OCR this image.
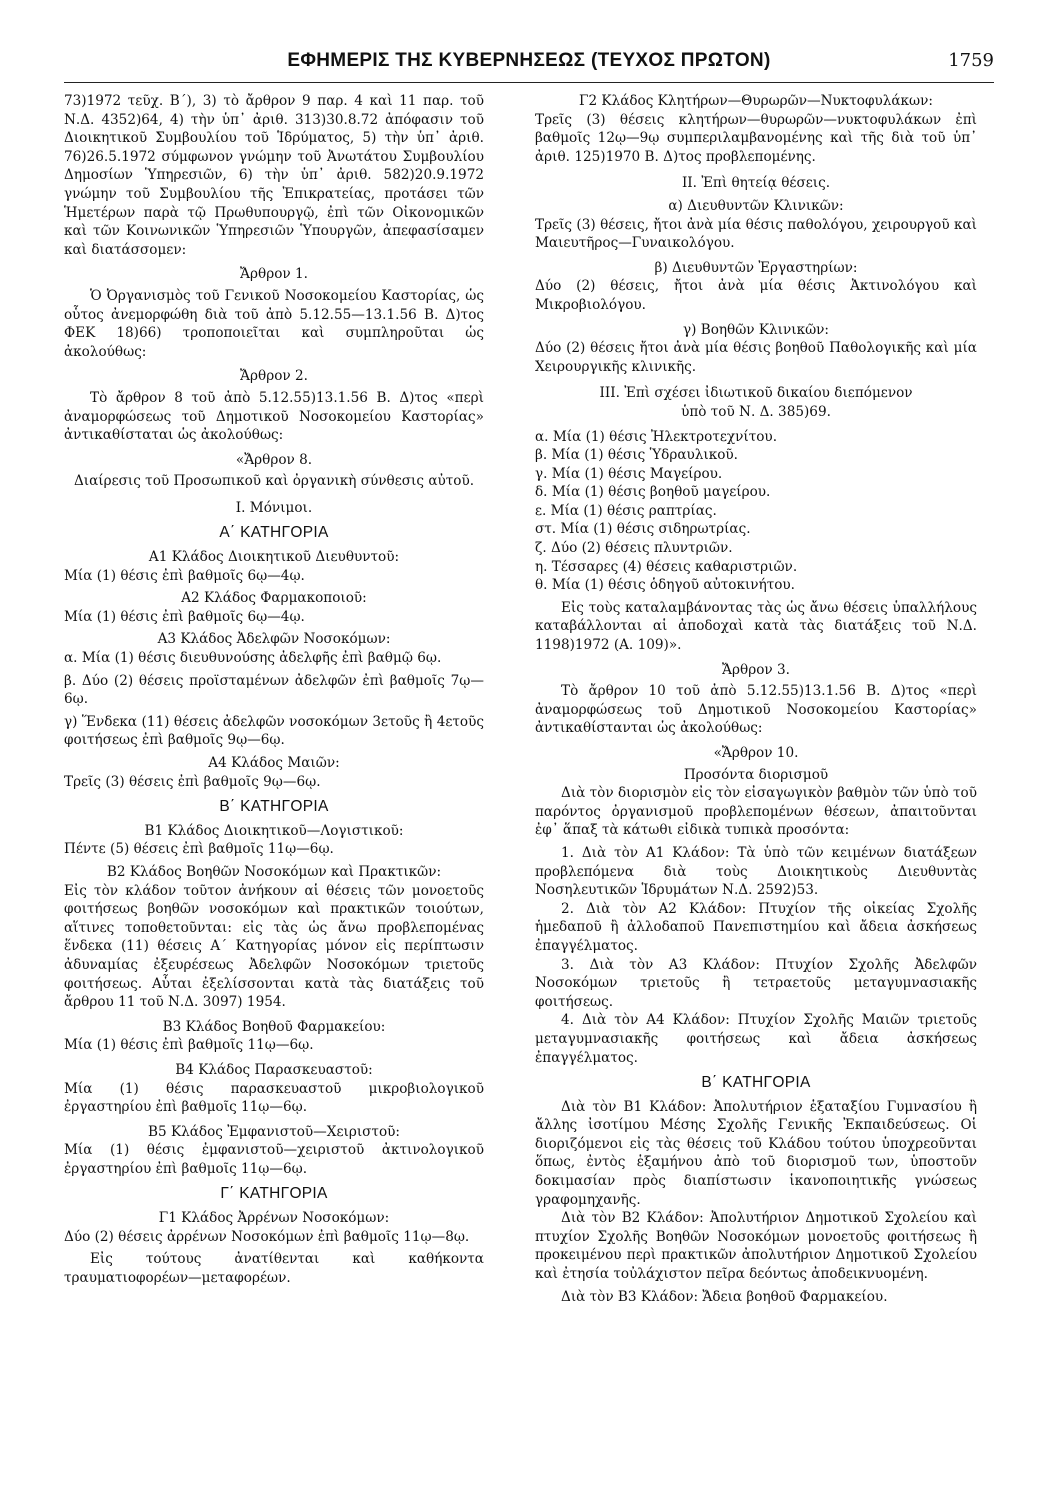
ΕΦΗΜΕΡΙΣ ΤΗΣ ΚΥΒΕΡΝΗΣΕΩΣ (ΤΕΥΧΟΣ ΠΡΩΤΟΝ)	1759

73)1972 τεῦχ. Β΄), 3) τὸ ἄρθρον 9 παρ. 4 καὶ 11 παρ. τοῦ Ν.Δ. 4352)64, 4) τὴν ὑπ᾽ ἀριθ. 313)30.8.72 ἀπόφασιν τοῦ Διοικητικοῦ Συμβουλίου τοῦ Ἱδρύματος, 5) τὴν ὑπ᾽ ἀριθ. 76)26.5.1972 σύμφωνον γνώμην τοῦ Ἀνωτάτου Συμβουλίου Δημοσίων Ὑπηρεσιῶν, 6) τὴν ὑπ᾽ ἀριθ. 582)20.9.1972 γνώμην τοῦ Συμβουλίου τῆς Ἐπικρατείας, προτάσει τῶν Ἡμετέρων παρὰ τῷ Πρωθυπουργῷ, ἐπὶ τῶν Οἰκονομικῶν καὶ τῶν Κοινωνικῶν Ὑπηρεσιῶν Ὑπουργῶν, ἀπεφασίσαμεν καὶ διατάσσομεν:

Ἄρθρον 1.

Ὁ Ὀργανισμὸς τοῦ Γενικοῦ Νοσοκομείου Καστορίας, ὡς οὗτος ἀνεμορφώθη διὰ τοῦ ἀπὸ 5.12.55—13.1.56 Β. Δ)τος ΦΕΚ 18)66) τροποποιεῖται καὶ συμπληροῦται ὡς ἀκολούθως:

Ἄρθρον 2.

Τὸ ἄρθρον 8 τοῦ ἀπὸ 5.12.55)13.1.56 Β. Δ)τος «περὶ ἀναμορφώσεως τοῦ Δημοτικοῦ Νοσοκομείου Καστορίας» ἀντικαθίσταται ὡς ἀκολούθως:

«Ἄρθρον 8.

Διαίρεσις τοῦ Προσωπικοῦ καὶ ὀργανικὴ σύνθεσις αὐτοῦ.

Ι. Μόνιμοι.

Α΄ ΚΑΤΗΓΟΡΙΑ

Α1 Κλάδος Διοικητικοῦ Διευθυντοῦ:

Μία (1) θέσις ἐπὶ βαθμοῖς 6ῳ—4ῳ.

Α2 Κλάδος Φαρμακοποιοῦ:

Μία (1) θέσις ἐπὶ βαθμοῖς 6ῳ—4ῳ.

Α3 Κλάδος Ἀδελφῶν Νοσοκόμων:

α. Μία (1) θέσις διευθυνούσης ἀδελφῆς ἐπὶ βαθμῷ 6ῳ.

β. Δύο (2) θέσεις προϊσταμένων ἀδελφῶν ἐπὶ βαθμοῖς 7ῳ—6ῳ.

γ) Ἕνδεκα (11) θέσεις ἀδελφῶν νοσοκόμων 3ετοῦς ἢ 4ετοῦς φοιτήσεως ἐπὶ βαθμοῖς 9ῳ—6ῳ.

Α4 Κλάδος Μαιῶν:

Τρεῖς (3) θέσεις ἐπὶ βαθμοῖς 9ῳ—6ῳ.

Β΄ ΚΑΤΗΓΟΡΙΑ

Β1 Κλάδος Διοικητικοῦ—Λογιστικοῦ:

Πέντε (5) θέσεις ἐπὶ βαθμοῖς 11ῳ—6ῳ.

Β2 Κλάδος Βοηθῶν Νοσοκόμων καὶ Πρακτικῶν:

Εἰς τὸν κλάδον τοῦτον ἀνήκουν αἱ θέσεις τῶν μονοετοῦς φοιτήσεως βοηθῶν νοσοκόμων καὶ πρακτικῶν τοιούτων, αἵτινες τοποθετοῦνται: εἰς τὰς ὡς ἄνω προβλεπομένας ἕνδεκα (11) θέσεις Α΄ Κατηγορίας μόνον εἰς περίπτωσιν ἀδυναμίας ἐξευρέσεως Ἀδελφῶν Νοσοκόμων τριετοῦς φοιτήσεως. Αὗται ἐξελίσσονται κατὰ τὰς διατάξεις τοῦ ἄρθρου 11 τοῦ Ν.Δ. 3097) 1954.

Β3 Κλάδος Βοηθοῦ Φαρμακείου:

Μία (1) θέσις ἐπὶ βαθμοῖς 11ῳ—6ῳ.

Β4 Κλάδος Παρασκευαστοῦ:

Μία (1) θέσις παρασκευαστοῦ μικροβιολογικοῦ ἐργαστηρίου ἐπὶ βαθμοῖς 11ῳ—6ῳ.

Β5 Κλάδος Ἐμφανιστοῦ—Χειριστοῦ:

Μία (1) θέσις ἐμφανιστοῦ—χειριστοῦ ἀκτινολογικοῦ ἐργαστηρίου ἐπὶ βαθμοῖς 11ῳ—6ῳ.

Γ΄ ΚΑΤΗΓΟΡΙΑ

Γ1 Κλάδος Ἀρρένων Νοσοκόμων:

Δύο (2) θέσεις ἀρρένων Νοσοκόμων ἐπὶ βαθμοῖς 11ῳ—8ῳ.

Εἰς τούτους ἀνατίθενται καὶ καθήκοντα τραυματιοφορέων—μεταφορέων.

Γ2 Κλάδος Κλητήρων—Θυρωρῶν—Νυκτοφυλάκων:

Τρεῖς (3) θέσεις κλητήρων—θυρωρῶν—νυκτοφυλάκων ἐπὶ βαθμοῖς 12ῳ—9ῳ συμπεριλαμβανομένης καὶ τῆς διὰ τοῦ ὑπ᾽ ἀριθ. 125)1970 Β. Δ)τος προβλεπομένης.

ΙΙ. Ἐπὶ θητείᾳ θέσεις.

α) Διευθυντῶν Κλινικῶν:

Τρεῖς (3) θέσεις, ἤτοι ἀνὰ μία θέσις παθολόγου, χειρουργοῦ καὶ Μαιευτῆρος—Γυναικολόγου.

β) Διευθυντῶν Ἐργαστηρίων:

Δύο (2) θέσεις, ἤτοι ἀνὰ μία θέσις Ἀκτινολόγου καὶ Μικροβιολόγου.

γ) Βοηθῶν Κλινικῶν:

Δύο (2) θέσεις ἤτοι ἀνὰ μία θέσις βοηθοῦ Παθολογικῆς καὶ μία Χειρουργικῆς κλινικῆς.

ΙΙΙ. Ἐπὶ σχέσει ἰδιωτικοῦ δικαίου διεπόμενον ὑπὸ τοῦ Ν. Δ. 385)69.

α. Μία (1) θέσις Ἠλεκτροτεχνίτου.

β. Μία (1) θέσις Ὑδραυλικοῦ.

γ. Μία (1) θέσις Μαγείρου.

δ. Μία (1) θέσις βοηθοῦ μαγείρου.

ε. Μία (1) θέσις ραπτρίας.

στ. Μία (1) θέσις σιδηρωτρίας.

ζ. Δύο (2) θέσεις πλυντριῶν.

η. Τέσσαρες (4) θέσεις καθαριστριῶν.

θ. Μία (1) θέσις ὁδηγοῦ αὐτοκινήτου.

Εἰς τοὺς καταλαμβάνοντας τὰς ὡς ἄνω θέσεις ὑπαλλήλους καταβάλλονται αἱ ἀποδοχαὶ κατὰ τὰς διατάξεις τοῦ Ν.Δ. 1198)1972 (Α. 109)».

Ἄρθρον 3.

Τὸ ἄρθρον 10 τοῦ ἀπὸ 5.12.55)13.1.56 Β. Δ)τος «περὶ ἀναμορφώσεως τοῦ Δημοτικοῦ Νοσοκομείου Καστορίας» ἀντικαθίστανται ὡς ἀκολούθως:

«Ἄρθρον 10.

Προσόντα διορισμοῦ

Διὰ τὸν διορισμὸν εἰς τὸν εἰσαγωγικὸν βαθμὸν τῶν ὑπὸ τοῦ παρόντος ὀργανισμοῦ προβλεπομένων θέσεων, ἀπαιτοῦνται ἐφ᾽ ἅπαξ τὰ κάτωθι εἰδικὰ τυπικὰ προσόντα:

1. Διὰ τὸν Α1 Κλάδον: Τὰ ὑπὸ τῶν κειμένων διατάξεων προβλεπόμενα διὰ τοὺς Διοικητικοὺς Διευθυντὰς Νοσηλευτικῶν Ἱδρυμάτων Ν.Δ. 2592)53.

2. Διὰ τὸν Α2 Κλάδον: Πτυχίον τῆς οἰκείας Σχολῆς ἡμεδαποῦ ἢ ἀλλοδαποῦ Πανεπιστημίου καὶ ἄδεια ἀσκήσεως ἐπαγγέλματος.

3. Διὰ τὸν Α3 Κλάδον: Πτυχίον Σχολῆς Ἀδελφῶν Νοσοκόμων τριετοῦς ἢ τετραετοῦς μεταγυμνασιακῆς φοιτήσεως.

4. Διὰ τὸν Α4 Κλάδον: Πτυχίον Σχολῆς Μαιῶν τριετοῦς μεταγυμνασιακῆς φοιτήσεως καὶ ἄδεια ἀσκήσεως ἐπαγγέλματος.

Β΄ ΚΑΤΗΓΟΡΙΑ

Διὰ τὸν Β1 Κλάδον: Ἀπολυτήριον ἑξαταξίου Γυμνασίου ἢ ἄλλης ἰσοτίμου Μέσης Σχολῆς Γενικῆς Ἐκπαιδεύσεως. Οἱ διοριζόμενοι εἰς τὰς θέσεις τοῦ Κλάδου τούτου ὑποχρεοῦνται ὅπως, ἐντὸς ἑξαμήνου ἀπὸ τοῦ διορισμοῦ των, ὑποστοῦν δοκιμασίαν πρὸς διαπίστωσιν ἱκανοποιητικῆς γνώσεως γραφομηχανῆς.

Διὰ τὸν Β2 Κλάδον: Ἀπολυτήριον Δημοτικοῦ Σχολείου καὶ πτυχίον Σχολῆς Βοηθῶν Νοσοκόμων μονοετοῦς φοιτήσεως ἢ προκειμένου περὶ πρακτικῶν ἀπολυτήριον Δημοτικοῦ Σχολείου καὶ ἐτησία τοὐλάχιστον πεῖρα δεόντως ἀποδεικνυομένη.

Διὰ τὸν Β3 Κλάδον: Ἄδεια βοηθοῦ Φαρμακείου.
